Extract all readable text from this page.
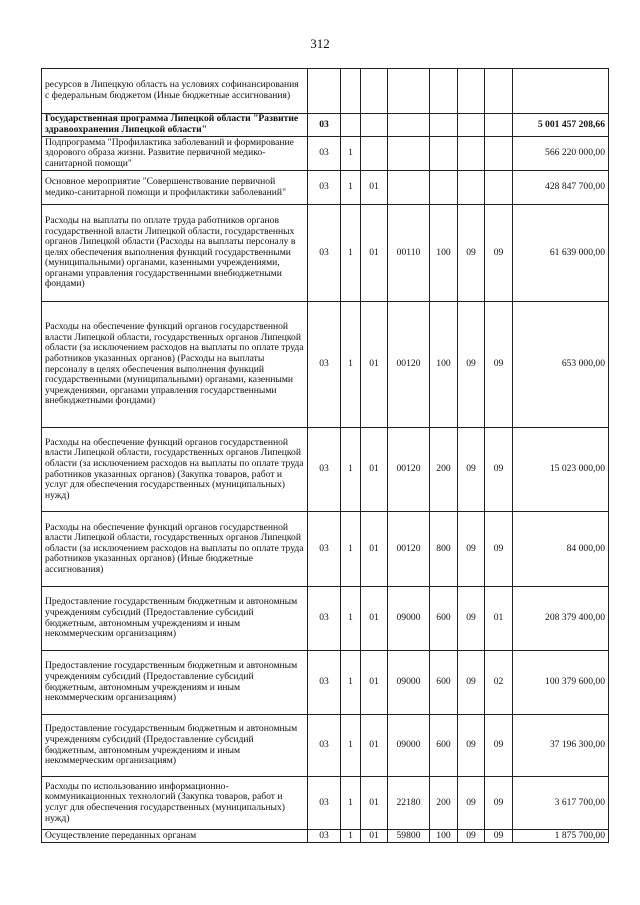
312
ресурсов в Липецкую область на условиях софинансирования с федеральным бюджетом (Иные бюджетные ассигнования)								
Государственная программа Липецкой области "Развитие здравоохранения Липецкой области"	03							5 001 457 208,66
Подпрограмма "Профилактика заболеваний и формирование здорового образа жизни. Развитие первичной медико-санитарной помощи"	03	1						566 220 000,00
Основное мероприятие "Совершенствование первичной медико-санитарной помощи и профилактики заболеваний"	03	1	01					428 847 700,00
Расходы на выплаты по оплате труда работников органов государственной власти Липецкой области, государственных органов Липецкой области (Расходы на выплаты персоналу в целях обеспечения выполнения функций государственными (муниципальными) органами, казенными учреждениями, органами управления государственными внебюджетными фондами)	03	1	01	00110	100	09	09	61 639 000,00
Расходы на обеспечение функций органов государственной власти Липецкой области, государственных органов Липецкой области (за исключением расходов на выплаты по оплате труда работников указанных органов) (Расходы на выплаты персоналу в целях обеспечения выполнения функций государственными (муниципальными) органами, казенными учреждениями, органами управления государственными внебюджетными фондами)	03	1	01	00120	100	09	09	653 000,00
Расходы на обеспечение функций органов государственной власти Липецкой области, государственных органов Липецкой области (за исключением расходов на выплаты по оплате труда работников указанных органов) (Закупка товаров, работ и услуг для обеспечения государственных (муниципальных) нужд)	03	1	01	00120	200	09	09	15 023 000,00
Расходы на обеспечение функций органов государственной власти Липецкой области, государственных органов Липецкой области (за исключением расходов на выплаты по оплате труда работников указанных органов) (Иные бюджетные ассигнования)	03	1	01	00120	800	09	09	84 000,00
Предоставление государственным бюджетным и автономным учреждениям субсидий (Предоставление субсидий бюджетным, автономным учреждениям и иным некоммерческим организациям)	03	1	01	09000	600	09	01	208 379 400,00
Предоставление государственным бюджетным и автономным учреждениям субсидий (Предоставление субсидий бюджетным, автономным учреждениям и иным некоммерческим организациям)	03	1	01	09000	600	09	02	100 379 600,00
Предоставление государственным бюджетным и автономным учреждениям субсидий (Предоставление субсидий бюджетным, автономным учреждениям и иным некоммерческим организациям)	03	1	01	09000	600	09	09	37 196 300,00
Расходы по использованию информационно-коммуникационных технологий (Закупка товаров, работ и услуг для обеспечения государственных (муниципальных) нужд)	03	1	01	22180	200	09	09	3 617 700,00
Осуществление переданных органам	03	1	01	59800	100	09	09	1 875 700,00
